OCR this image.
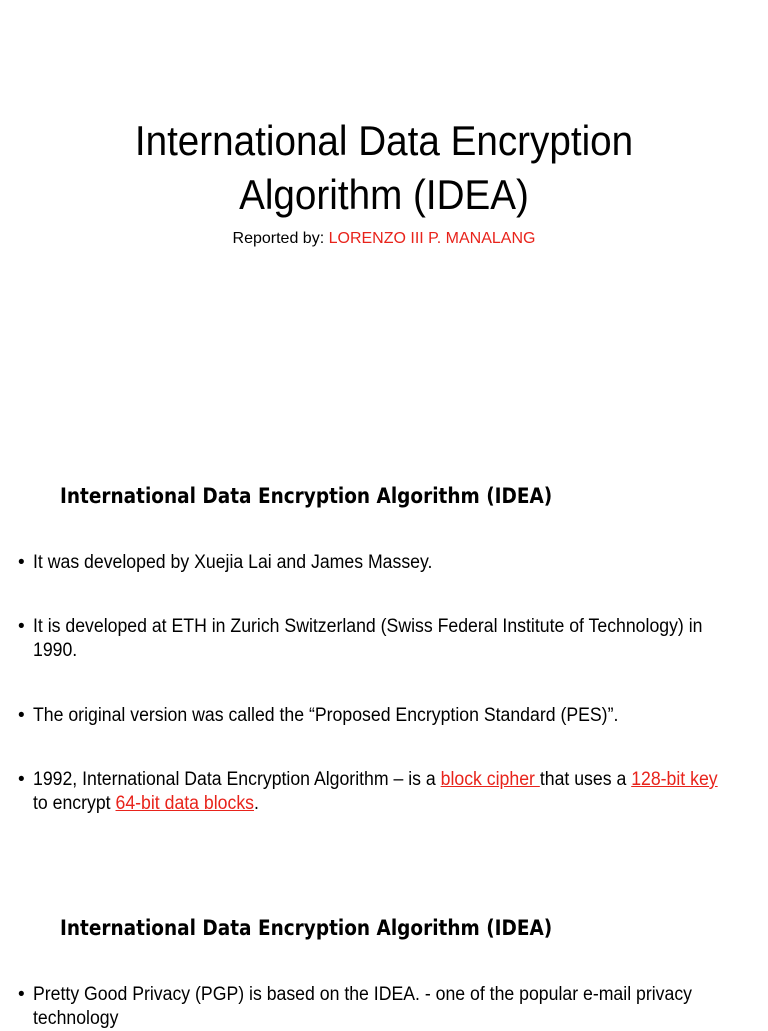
International Data Encryption
Algorithm (IDEA)
Reported by: LORENZO III P. MANALANG
International Data Encryption Algorithm (IDEA)
• It was developed by Xuejia Lai and James Massey.
• It is developed at ETH in Zurich Switzerland (Swiss Federal Institute of Technology) in
1990.
• The original version was called the “Proposed Encryption Standard (PES)”.
• 1992, International Data Encryption Algorithm – is a block cipher that uses a 128-bit key
to encrypt 64-bit data blocks.
International Data Encryption Algorithm (IDEA)
• Pretty Good Privacy (PGP) is based on the IDEA. - one of the popular e-mail privacy
technology
